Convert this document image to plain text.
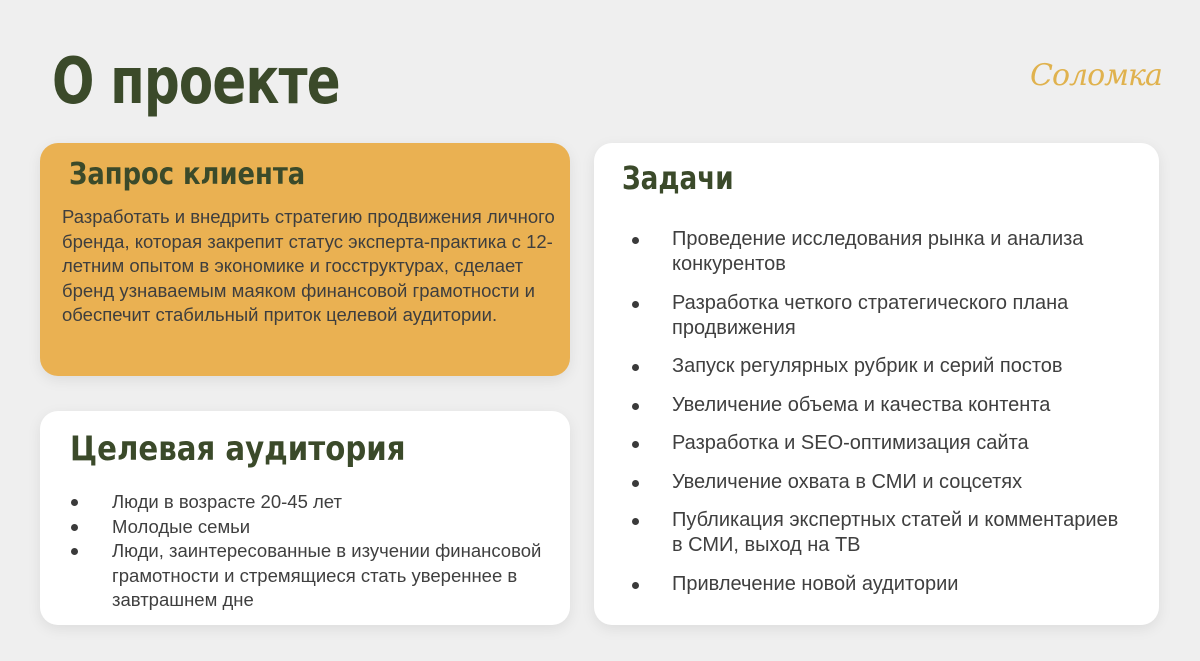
О проекте	Соломка
Запрос клиента

Разработать и внедрить стратегию продвижения личного бренда, которая закрепит статус эксперта-практика с 12-летним опытом в экономике и госструктурах, сделает бренд узнаваемым маяком финансовой грамотности и обеспечит стабильный приток целевой аудитории.

Целевая аудитория
Люди в возрасте 20-45 лет
Молодые семьи
Люди, заинтересованные в изучении финансовой грамотности и стремящиеся стать увереннее в завтрашнем дне
Задачи
Проведение исследования рынка и анализа конкурентов
Разработка четкого стратегического плана продвижения
Запуск регулярных рубрик и серий постов
Увеличение объема и качества контента
Разработка и SEO-оптимизация сайта
Увеличение охвата в СМИ и соцсетях
Публикация экспертных статей и комментариев в СМИ, выход на ТВ
Привлечение новой аудитории
